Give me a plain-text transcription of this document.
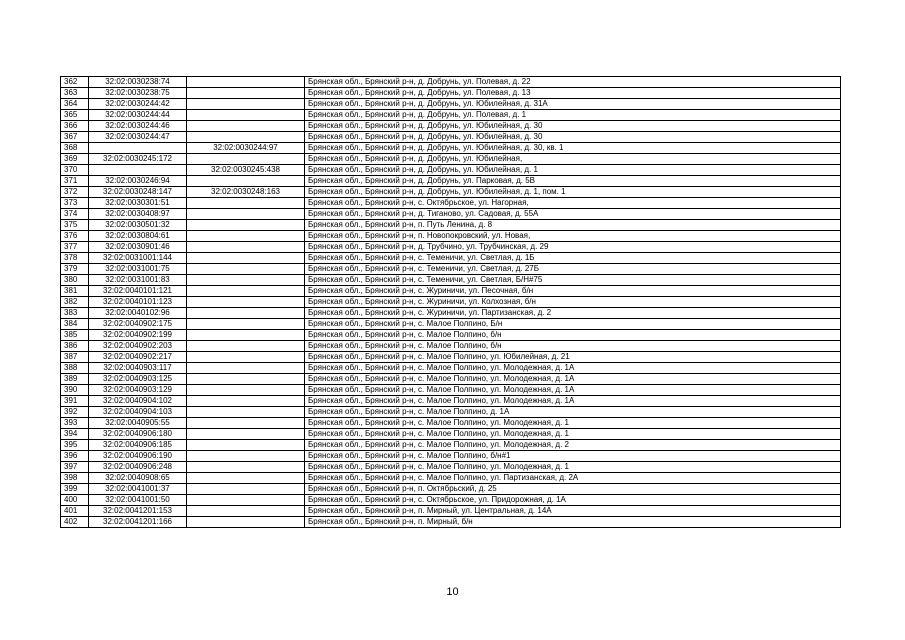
362	32:02:0030238:74		Брянская обл., Брянский р-н, д. Добрунь, ул. Полевая, д. 22
363	32:02:0030238:75		Брянская обл., Брянский р-н, д. Добрунь, ул. Полевая, д. 13
364	32:02:0030244:42		Брянская обл., Брянский р-н, д. Добрунь, ул. Юбилейная, д. 31А
365	32:02:0030244:44		Брянская обл., Брянский р-н, д. Добрунь, ул. Полевая, д. 1
366	32:02:0030244:46		Брянская обл., Брянский р-н, д. Добрунь, ул. Юбилейная, д. 30
367	32:02:0030244:47		Брянская обл., Брянский р-н, д. Добрунь, ул. Юбилейная, д. 30
368		32:02:0030244:97	Брянская обл., Брянский р-н, д. Добрунь, ул. Юбилейная, д. 30, кв. 1
369	32:02:0030245:172		Брянская обл., Брянский р-н, д. Добрунь, ул. Юбилейная,
370		32:02:0030245:438	Брянская обл., Брянский р-н, д. Добрунь, ул. Юбилейная, д. 1
371	32:02:0030246:94		Брянская обл., Брянский р-н, д. Добрунь, ул. Парковая, д. 5В
372	32:02:0030248:147	32:02:0030248:163	Брянская обл., Брянский р-н, д. Добрунь, ул. Юбилейная, д. 1, пом. 1
373	32:02:0030301:51		Брянская обл., Брянский р-н, с. Октябрьское, ул. Нагорная,
374	32:02:0030408:97		Брянская обл., Брянский р-н, д. Тиганово, ул. Садовая, д. 55А
375	32:02:0030501:32		Брянская обл., Брянский р-н, п. Путь Ленина, д. 8
376	32:02:0030804:61		Брянская обл., Брянский р-н, п. Новопокровский, ул. Новая,
377	32:02:0030901:46		Брянская обл., Брянский р-н, д. Трубчино, ул. Трубчинская, д. 29
378	32:02:0031001:144		Брянская обл., Брянский р-н, с. Теменичи, ул. Светлая, д. 1Б
379	32:02:0031001:75		Брянская обл., Брянский р-н, с. Теменичи, ул. Светлая, д. 27Б
380	32:02:0031001:83		Брянская обл., Брянский р-н, с. Теменичи, ул. Светлая, Б/Н#75
381	32:02:0040101:121		Брянская обл., Брянский р-н, с. Журиничи, ул. Песочная, б/н
382	32:02:0040101:123		Брянская обл., Брянский р-н, с. Журиничи, ул. Колхозная, б/н
383	32:02:0040102:96		Брянская обл., Брянский р-н, с. Журиничи, ул. Партизанская, д. 2
384	32:02:0040902:175		Брянская обл., Брянский р-н, с. Малое Полпино, Б/н
385	32:02:0040902:199		Брянская обл., Брянский р-н, с. Малое Полпино, б/н
386	32:02:0040902:203		Брянская обл., Брянский р-н, с. Малое Полпино, б/н
387	32:02:0040902:217		Брянская обл., Брянский р-н, с. Малое Полпино, ул. Юбилейная, д. 21
388	32:02:0040903:117		Брянская обл., Брянский р-н, с. Малое Полпино, ул. Молодежная, д. 1А
389	32:02:0040903:125		Брянская обл., Брянский р-н, с. Малое Полпино, ул. Молодежная, д. 1А
390	32:02:0040903:129		Брянская обл., Брянский р-н, с. Малое Полпино, ул. Молодежная, д. 1А
391	32:02:0040904:102		Брянская обл., Брянский р-н, с. Малое Полпино, ул. Молодежная, д. 1А
392	32:02:0040904:103		Брянская обл., Брянский р-н, с. Малое Полпино, д. 1А
393	32:02:0040905:55		Брянская обл., Брянский р-н, с. Малое Полпино, ул. Молодежная, д. 1
394	32:02:0040906:180		Брянская обл., Брянский р-н, с. Малое Полпино, ул. Молодежная, д. 1
395	32:02:0040906:185		Брянская обл., Брянский р-н, с. Малое Полпино, ул. Молодежная, д. 2
396	32:02:0040906:190		Брянская обл., Брянский р-н, с. Малое Полпино, б/н#1
397	32:02:0040906:248		Брянская обл., Брянский р-н, с. Малое Полпино, ул. Молодежная, д. 1
398	32:02:0040908:65		Брянская обл., Брянский р-н, с. Малое Полпино, ул. Партизанская, д. 2А
399	32:02:0041001:37		Брянская обл., Брянский р-н, п. Октябрьский, д. 25
400	32:02:0041001:50		Брянская обл., Брянский р-н, с. Октябрьское, ул. Придорожная, д. 1А
401	32:02:0041201:153		Брянская обл., Брянский р-н, п. Мирный, ул. Центральная, д. 14А
402	32:02:0041201:166		Брянская обл., Брянский р-н, п. Мирный, б/н
10
